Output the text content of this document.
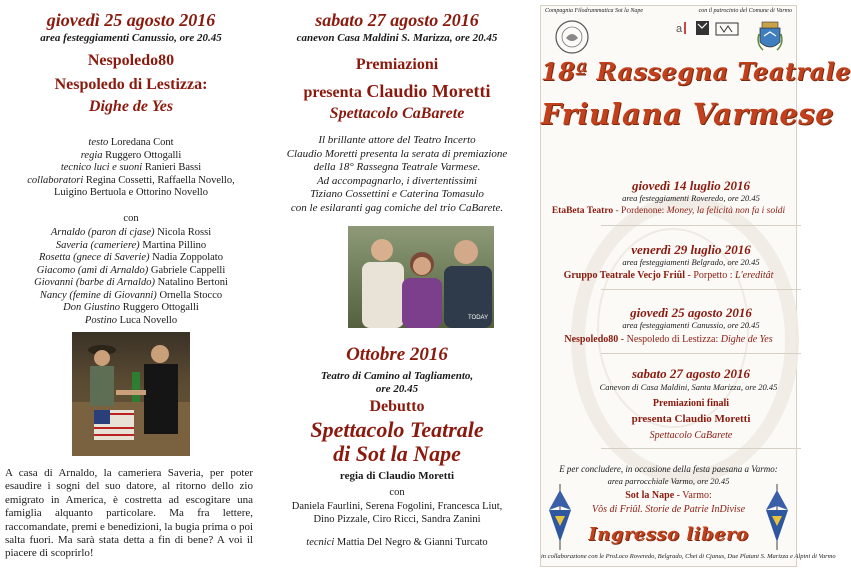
giovedì 25 agosto 2016
area festeggiamenti Canussio, ore 20.45
Nespoledo80
Nespoledo di Lestizza:
Dighe de Yes
testo Loredana Cont
regia Ruggero Ottogalli
tecnico luci e suoni Ranieri Bassi
collaboratori Regina Cossetti, Raffaella Novello,
Luigino Bertuola e Ottorino Novello
con
Arnaldo (paron di cjase) Nicola Rossi
Saveria (cameriere) Martina Pillino
Rosetta (gnece di Saverie) Nadia Zoppolato
Giacomo (amì di Arnaldo) Gabriele Cappelli
Giovanni (barbe di Arnaldo) Natalino Bertoni
Nancy (femine di Giovanni) Ornella Stocco
Don Giustino Ruggero Ottogalli
Postino Luca Novello
A casa di Arnaldo, la cameriera Saveria, per poter esaudire i sogni del suo datore, al ritorno dello zio emigrato in America, è costretta ad escogitare una famiglia alquanto particolare. Ma fra lettere, raccomandate, premi e benedizioni, la bugia prima o poi salta fuori. Ma sarà stata detta a fin di bene? A voi il piacere di scoprirlo!
sabato 27 agosto 2016
canevon Casa Maldini S. Marizza, ore 20.45
Premiazioni
presenta Claudio Moretti
Spettacolo CaBarete
Il brillante attore del Teatro Incerto
Claudio Moretti presenta la serata di premiazione
della 18° Rassegna Teatrale Varmese.
Ad accompagnarlo, i divertentissimi
Tiziano Cossettini e Caterina Tomasulo
con le esilaranti gag comiche del trio CaBarete.
TODAY
Ottobre 2016
Teatro di Camino al Tagliamento,
ore 20.45
Debutto
Spettacolo Teatrale
di Sot la Nape
regia di Claudio Moretti
con
Daniela Faurlini, Serena Fogolini, Francesca Liut,
Dino Pizzale, Ciro Ricci, Sandra Zanini
tecnici Mattia Del Negro & Gianni Turcato
Compagnia Filodrammatica Sot la Nape	con il patrocinio del Comune di Varmo
a
18ª Rassegna Teatrale
Friulana Varmese
giovedì 14 luglio 2016
area festeggiamenti Roveredo, ore 20.45
EtaBeta Teatro - Pordenone: Money, la felicità non fa i soldi
venerdì 29 luglio 2016
area festeggiamenti Belgrado, ore 20.45
Gruppo Teatrale Vecjo Friûl - Porpetto : L'ereditât
giovedì 25 agosto 2016
area festeggiamenti Canussio, ore 20.45
Nespoledo80 - Nespoledo di Lestizza: Dighe de Yes
sabato 27 agosto 2016
Canevon di Casa Maldini, Santa Marizza, ore 20.45
Premiazioni finali
presenta Claudio Moretti
Spettacolo CaBarete
E per concludere, in occasione della festa paesana a Varmo:
area parrocchiale Varmo, ore 20.45
Sot la Nape - Varmo:
Vôs di Friûl. Storie de Patrie InDivise
Ingresso libero
in collaborazione con le ProLoco Roveredo, Belgrado, Chei di Cjanus, Due Platani S. Marizza e Alpini di Varmo
